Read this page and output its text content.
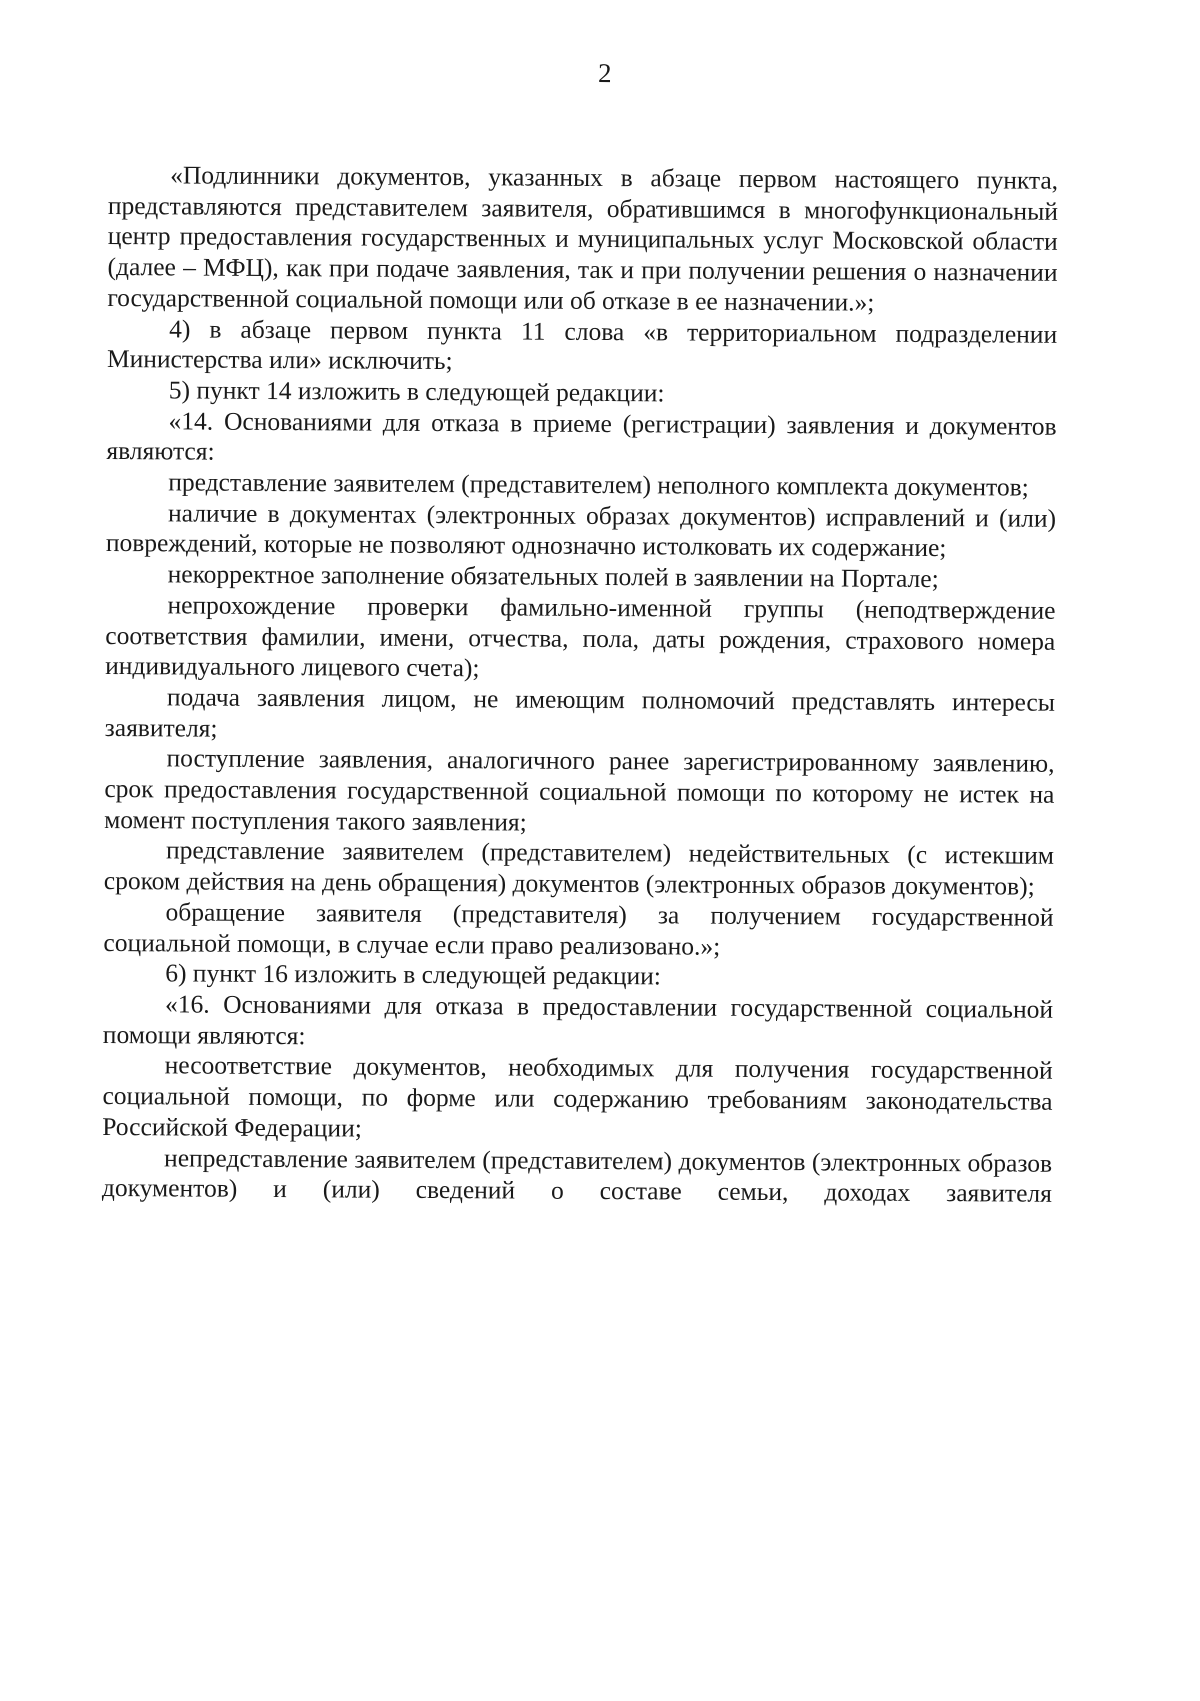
2

«Подлинники документов, указанных в абзаце первом настоящего пункта, представляются представителем заявителя, обратившимся в многофункциональный центр предоставления государственных и муниципальных услуг Московской области (далее – МФЦ), как при подаче заявления, так и при получении решения о назначении государственной социальной помощи или об отказе в ее назначении.»;

4) в абзаце первом пункта 11 слова «в территориальном подразделении Министерства или» исключить;

5) пункт 14 изложить в следующей редакции:

«14. Основаниями для отказа в приеме (регистрации) заявления и документов являются:

представление заявителем (представителем) неполного комплекта документов;

наличие в документах (электронных образах документов) исправлений и (или) повреждений, которые не позволяют однозначно истолковать их содержание;

некорректное заполнение обязательных полей в заявлении на Портале;

непрохождение проверки фамильно-именной группы (неподтверждение соответствия фамилии, имени, отчества, пола, даты рождения, страхового номера индивидуального лицевого счета);

подача заявления лицом, не имеющим полномочий представлять интересы заявителя;

поступление заявления, аналогичного ранее зарегистрированному заявлению, срок предоставления государственной социальной помощи по которому не истек на момент поступления такого заявления;

представление заявителем (представителем) недействительных (с истекшим сроком действия на день обращения) документов (электронных образов документов);

обращение заявителя (представителя) за получением государственной социальной помощи, в случае если право реализовано.»;

6) пункт 16 изложить в следующей редакции:

«16. Основаниями для отказа в предоставлении государственной социальной помощи являются:

несоответствие документов, необходимых для получения государственной социальной помощи, по форме или содержанию требованиям законодательства Российской Федерации;

непредставление заявителем (представителем) документов (электронных образов документов) и (или) сведений о составе семьи, доходах заявителя
